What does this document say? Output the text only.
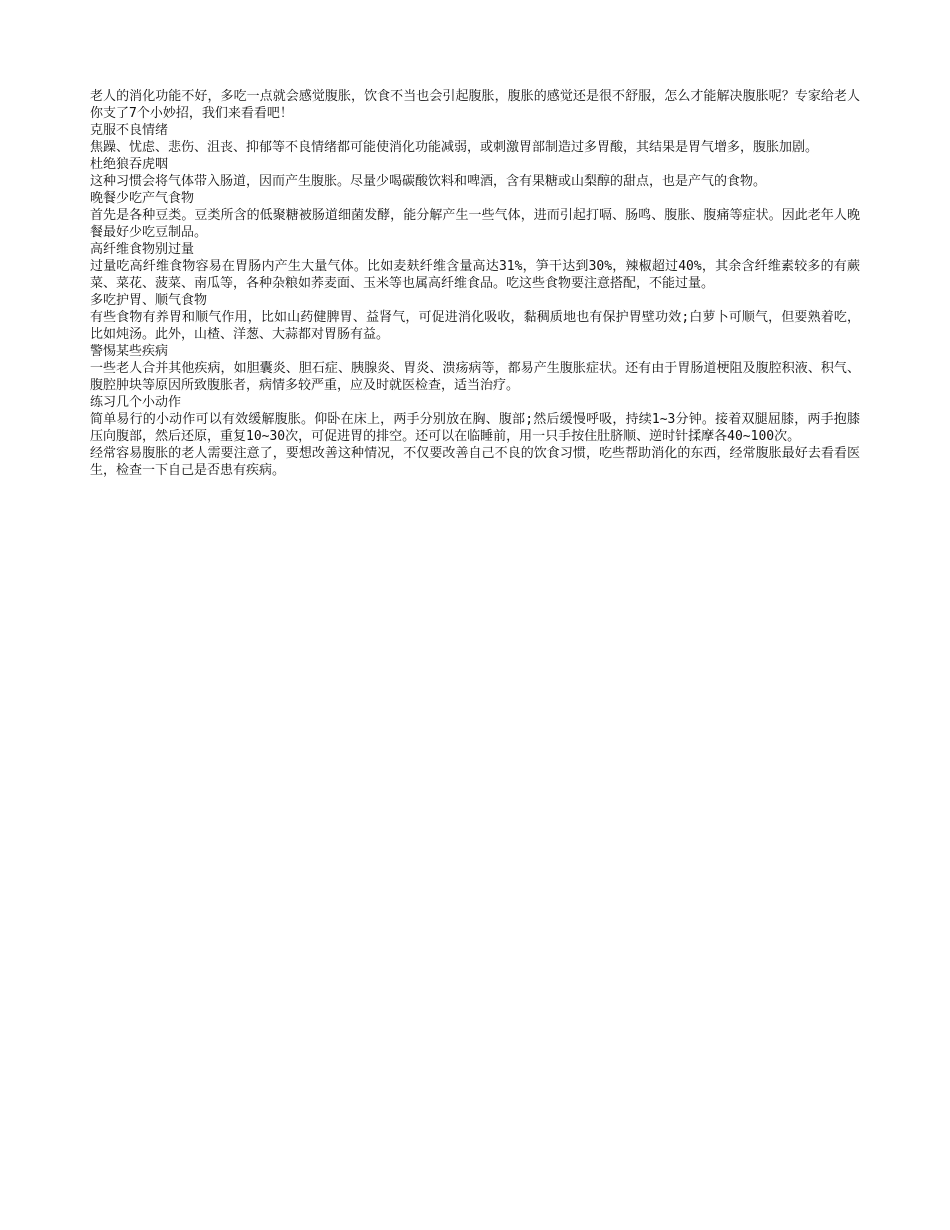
老人的消化功能不好，多吃一点就会感觉腹胀，饮食不当也会引起腹胀，腹胀的感觉还是很不舒服，怎么才能解决腹胀呢？专家给老人你支了7个小妙招，我们来看看吧！

克服不良情绪

焦躁、忧虑、悲伤、沮丧、抑郁等不良情绪都可能使消化功能减弱，或刺激胃部制造过多胃酸，其结果是胃气增多，腹胀加剧。

杜绝狼吞虎咽

这种习惯会将气体带入肠道，因而产生腹胀。尽量少喝碳酸饮料和啤酒，含有果糖或山梨醇的甜点，也是产气的食物。

晚餐少吃产气食物

首先是各种豆类。豆类所含的低聚糖被肠道细菌发酵，能分解产生一些气体，进而引起打嗝、肠鸣、腹胀、腹痛等症状。因此老年人晚餐最好少吃豆制品。

高纤维食物别过量

过量吃高纤维食物容易在胃肠内产生大量气体。比如麦麸纤维含量高达31%，笋干达到30%，辣椒超过40%，其余含纤维素较多的有蕨菜、菜花、菠菜、南瓜等，各种杂粮如荞麦面、玉米等也属高纤维食品。吃这些食物要注意搭配，不能过量。

多吃护胃、顺气食物

有些食物有养胃和顺气作用，比如山药健脾胃、益肾气，可促进消化吸收，黏稠质地也有保护胃壁功效;白萝卜可顺气，但要熟着吃，比如炖汤。此外，山楂、洋葱、大蒜都对胃肠有益。

警惕某些疾病

一些老人合并其他疾病，如胆囊炎、胆石症、胰腺炎、胃炎、溃疡病等，都易产生腹胀症状。还有由于胃肠道梗阻及腹腔积液、积气、腹腔肿块等原因所致腹胀者，病情多较严重，应及时就医检查，适当治疗。

练习几个小动作

简单易行的小动作可以有效缓解腹胀。仰卧在床上，两手分别放在胸、腹部;然后缓慢呼吸，持续1~3分钟。接着双腿屈膝，两手抱膝压向腹部，然后还原，重复10~30次，可促进胃的排空。还可以在临睡前，用一只手按住肚脐顺、逆时针揉摩各40~100次。

经常容易腹胀的老人需要注意了，要想改善这种情况，不仅要改善自己不良的饮食习惯，吃些帮助消化的东西，经常腹胀最好去看看医生，检查一下自己是否患有疾病。
